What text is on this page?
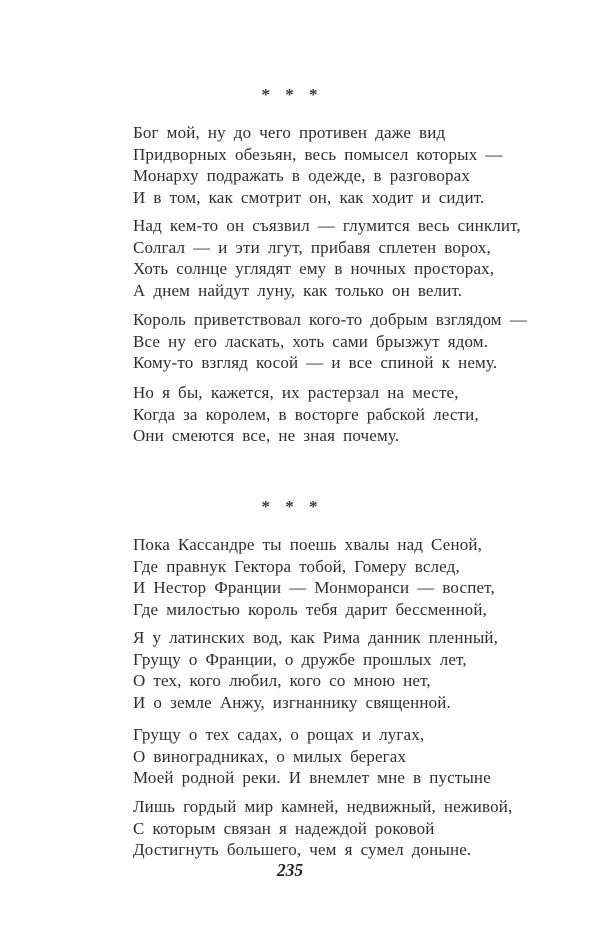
* * *

Бог мой, ну до чего противен даже вид

Придворных обезьян, весь помысел которых —

Монарху подражать в одежде, в разговорах

И в том, как смотрит он, как ходит и сидит.

Над кем-то он съязвил — глумится весь синклит,

Солгал — и эти лгут, прибавя сплетен ворох,

Хоть солнце углядят ему в ночных просторах,

А днем найдут луну, как только он велит.

Король приветствовал кого-то добрым взглядом —

Все ну его ласкать, хоть сами брызжут ядом.

Кому-то взгляд косой — и все спиной к нему.

Но я бы, кажется, их растерзал на месте,

Когда за королем, в восторге рабской лести,

Они смеются все, не зная почему.

* * *

Пока Кассандре ты поешь хвалы над Сеной,

Где правнук Гектора тобой, Гомеру вслед,

И Нестор Франции — Монморанси — воспет,

Где милостью король тебя дарит бессменной,

Я у латинских вод, как Рима данник пленный,

Грущу о Франции, о дружбе прошлых лет,

О тех, кого любил, кого со мною нет,

И о земле Анжу, изгнаннику священной.

Грущу о тех садах, о рощах и лугах,

О виноградниках, о милых берегах

Моей родной реки. И внемлет мне в пустыне

Лишь гордый мир камней, недвижный, неживой,

С которым связан я надеждой роковой

Достигнуть большего, чем я сумел доныне.

235
